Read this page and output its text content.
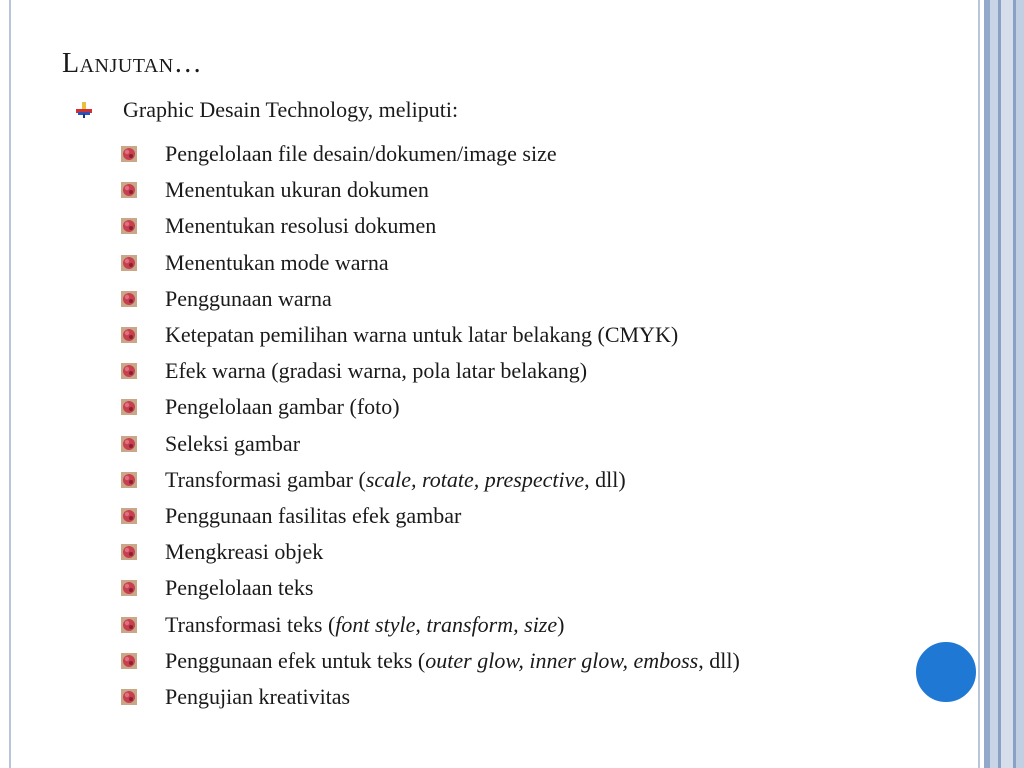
Lanjutan…
Graphic Desain Technology, meliputi:
Pengelolaan file desain/dokumen/image size
Menentukan ukuran dokumen
Menentukan resolusi dokumen
Menentukan mode warna
Penggunaan warna
Ketepatan pemilihan warna untuk latar belakang (CMYK)
Efek warna (gradasi warna, pola latar belakang)
Pengelolaan gambar (foto)
Seleksi gambar
Transformasi gambar (scale, rotate, prespective, dll)
Penggunaan fasilitas efek gambar
Mengkreasi objek
Pengelolaan teks
Transformasi teks (font style, transform, size)
Penggunaan efek untuk teks (outer glow, inner glow, emboss, dll)
Pengujian kreativitas
